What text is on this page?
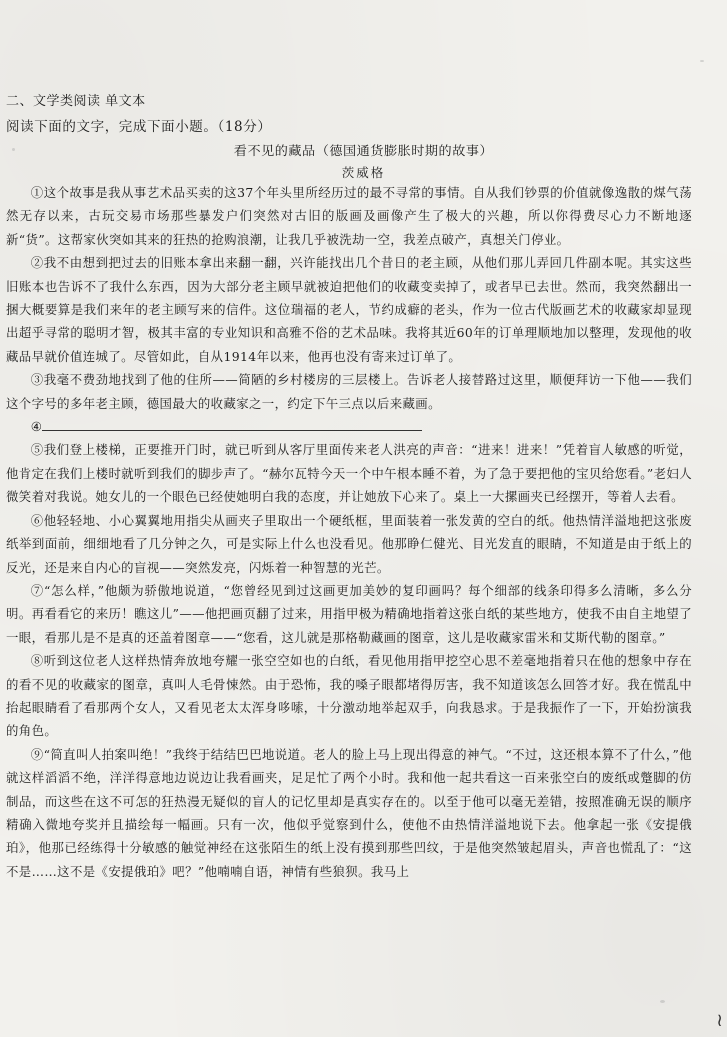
二、文学类阅读 单文本
阅读下面的文字，完成下面小题。（18分）
看不见的藏品（德国通货膨胀时期的故事）
茨威格

①这个故事是我从事艺术品买卖的这37个年头里所经历过的最不寻常的事情。自从我们钞票的价值就像逸散的煤气荡然无存以来，古玩交易市场那些暴发户们突然对古旧的版画及画像产生了极大的兴趣，所以你得费尽心力不断地逐新“货”。这帮家伙突如其来的狂热的抢购浪潮，让我几乎被洗劫一空，我差点破产，真想关门停业。

②我不由想到把过去的旧账本拿出来翻一翻，兴许能找出几个昔日的老主顾，从他们那儿弄回几件副本呢。其实这些旧账本也告诉不了我什么东西，因为大部分老主顾早就被迫把他们的收藏变卖掉了，或者早已去世。然而，我突然翻出一捆大概要算是我们来年的老主顾写来的信件。这位瑞福的老人，节约成癖的老头，作为一位古代版画艺术的收藏家却显现出超乎寻常的聪明才智，极其丰富的专业知识和高雅不俗的艺术品味。我将其近60年的订单理顺地加以整理，发现他的收藏品早就价值连城了。尽管如此，自从1914年以来，他再也没有寄来过订单了。

③我毫不费劲地找到了他的住所——简陋的乡村楼房的三层楼上。告诉老人接替路过这里，顺便拜访一下他——我们这个字号的多年老主顾，德国最大的收藏家之一，约定下午三点以后来藏画。

④

⑤我们登上楼梯，正要推开门时，就已听到从客厅里面传来老人洪亮的声音：“进来！进来！”凭着盲人敏感的听觉，他肯定在我们上楼时就听到我们的脚步声了。“赫尔瓦特今天一个中午根本睡不着，为了急于要把他的宝贝给您看。”老妇人微笑着对我说。她女儿的一个眼色已经使她明白我的态度，并让她放下心来了。桌上一大摞画夹已经摆开，等着人去看。

⑥他轻轻地、小心翼翼地用指尖从画夹子里取出一个硬纸框，里面装着一张发黄的空白的纸。他热情洋溢地把这张废纸举到面前，细细地看了几分钟之久，可是实际上什么也没看见。他那睁仁健光、目光发直的眼睛，不知道是由于纸上的反光，还是来自内心的盲视——突然发亮，闪烁着一种智慧的光芒。

⑦“怎么样，”他颇为骄傲地说道，“您曾经见到过这画更加美妙的复印画吗？每个细部的线条印得多么清晰，多么分明。再看看它的来历！瞧这儿”——他把画页翻了过来，用指甲极为精确地指着这张白纸的某些地方，使我不由自主地望了一眼，看那儿是不是真的还盖着图章——“您看，这儿就是那格勒藏画的图章，这儿是收藏家雷米和艾斯代勒的图章。”

⑧听到这位老人这样热情奔放地夸耀一张空空如也的白纸，看见他用指甲挖空心思不差毫地指着只在他的想象中存在的看不见的收藏家的图章，真叫人毛骨悚然。由于恐怖，我的嗓子眼都堵得厉害，我不知道该怎么回答才好。我在慌乱中抬起眼睛看了看那两个女人，又看见老太太浑身哆嗦，十分激动地举起双手，向我恳求。于是我振作了一下，开始扮演我的角色。

⑨“简直叫人拍案叫绝！”我终于结结巴巴地说道。老人的脸上马上现出得意的神气。“不过，这还根本算不了什么，”他就这样滔滔不绝，洋洋得意地边说边让我看画夹，足足忙了两个小时。我和他一起共看这一百来张空白的废纸或蹩脚的仿制品，而这些在这不可怎的狂热漫无疑似的盲人的记忆里却是真实存在的。以至于他可以毫无差错，按照准确无误的顺序精确入微地夸奖并且描绘每一幅画。只有一次，他似乎觉察到什么，使他不由热情洋溢地说下去。他拿起一张《安提俄珀》，他那已经练得十分敏感的触觉神经在这张陌生的纸上没有摸到那些凹纹，于是他突然皱起眉头，声音也慌乱了：“这不是……这不是《安提俄珀》吧？”他喃喃自语，神情有些狼狈。我马上

≀
